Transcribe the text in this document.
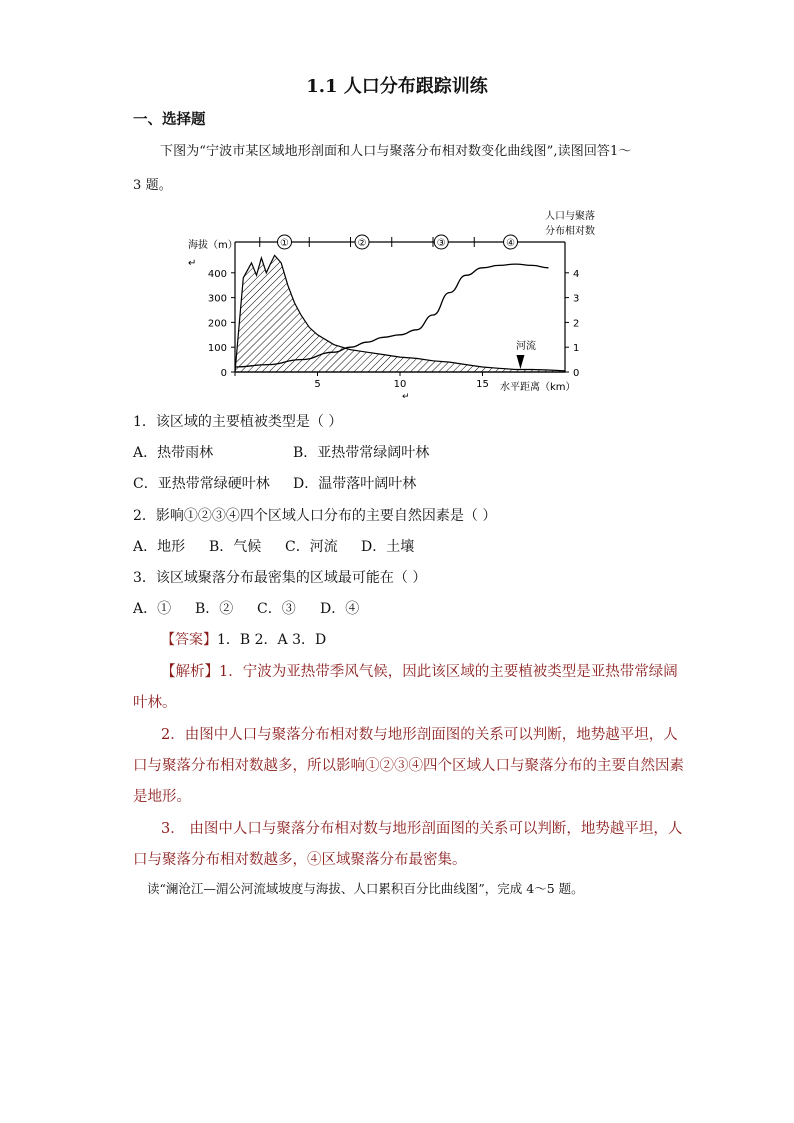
1.1 人口分布跟踪训练
一、选择题
下图为“宁波市某区域地形剖面和人口与聚落分布相对数变化曲线图”,读图回答1～
3 题。
①	②	③	④
400
300
200
100
0
4
3
2
1
0
5	10	15
海拔（m）
↵
人口与聚落
分布相对数
水平距离（km）
↵
河流
1．该区域的主要植被类型是（ ）
A．热带雨林	B．亚热带常绿阔叶林
C．亚热带常绿硬叶林 D．温带落叶阔叶林
2．影响①②③④四个区域人口分布的主要自然因素是（ ）
A．地形 B．气候 C．河流 D．土壤
3．该区域聚落分布最密集的区域最可能在（ ）
A．① B．② C．③ D．④
【答案】1．B 2．A 3．D
【解析】1．宁波为亚热带季风气候，因此该区域的主要植被类型是亚热带常绿阔
叶林。
2．由图中人口与聚落分布相对数与地形剖面图的关系可以判断，地势越平坦，人
口与聚落分布相对数越多，所以影响①②③④四个区域人口与聚落分布的主要自然因素
是地形。
3． 由图中人口与聚落分布相对数与地形剖面图的关系可以判断，地势越平坦，人
口与聚落分布相对数越多，④区域聚落分布最密集。
读“澜沧江—湄公河流域坡度与海拔、人口累积百分比曲线图”，完成 4～5 题。
